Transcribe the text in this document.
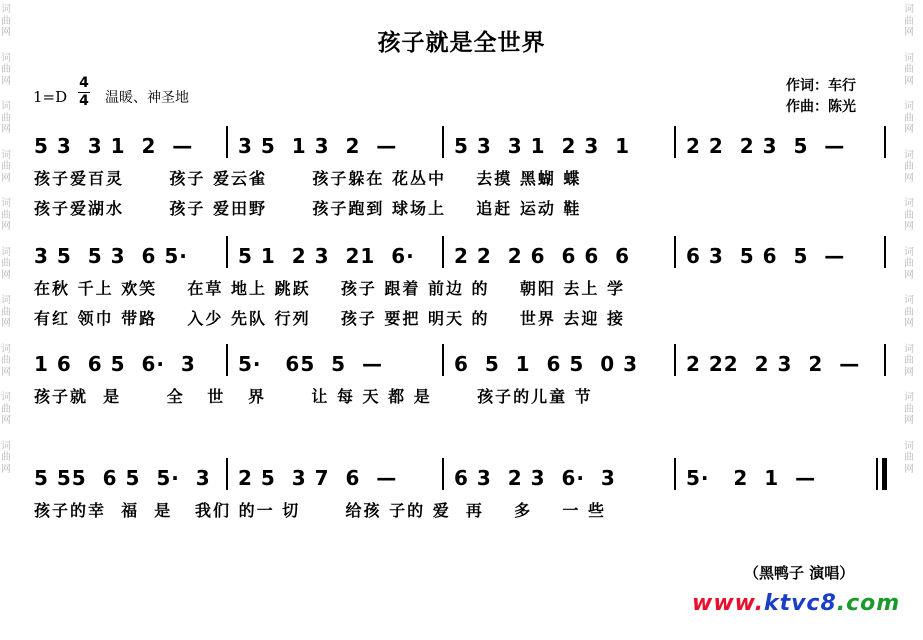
词曲网
词曲网
词曲网
词曲网
词曲网
词曲网
词曲网
词曲网
词曲网
词曲网
词曲网
词曲网
词曲网
词曲网
词曲网
词曲网
词曲网
词曲网
词曲网
词曲网
孩子就是全世界
1=D
4
4 温暖、神圣地
作词：车行
作曲：陈光
5 3  3 1  2  — 3 5  1 3  2  —	5 3  3 1  2 3  1	2 2  2 3  5  —
孩子爱百灵      孩子 爱云雀      孩子躲在 花丛中    去摸 黑蝴 蝶
孩子爱湖水      孩子 爱田野      孩子跑到 球场上    追赶 运动 鞋
3 5  5 3  6 5·	5 1  2 3  21  6· 2 2  2 6  6 6  6	6 3  5 6  5  —
在秋 千上 欢笑    在草 地上 跳跃    孩子 跟着 前边 的    朝阳 去上 学
有红 领巾 带路    入少 先队 行列    孩子 要把 明天 的    世界 去迎 接
1 6  6 5  6·  3 5·   65  5  —	6  5  1  6 5  0 3 2 22  2 3  2  —
孩子就  是      全   世   界      让 每 天 都 是      孩子的儿童 节
5 55  6 5  5·  3 2 5  3 7  6  —	6 3  2 3  6·  3	5·   2  1  —
孩子的幸  福  是   我们 的一 切      给孩 子的 爱  再    多    一 些
（黑鸭子 演唱）
www.ktvc8.com
